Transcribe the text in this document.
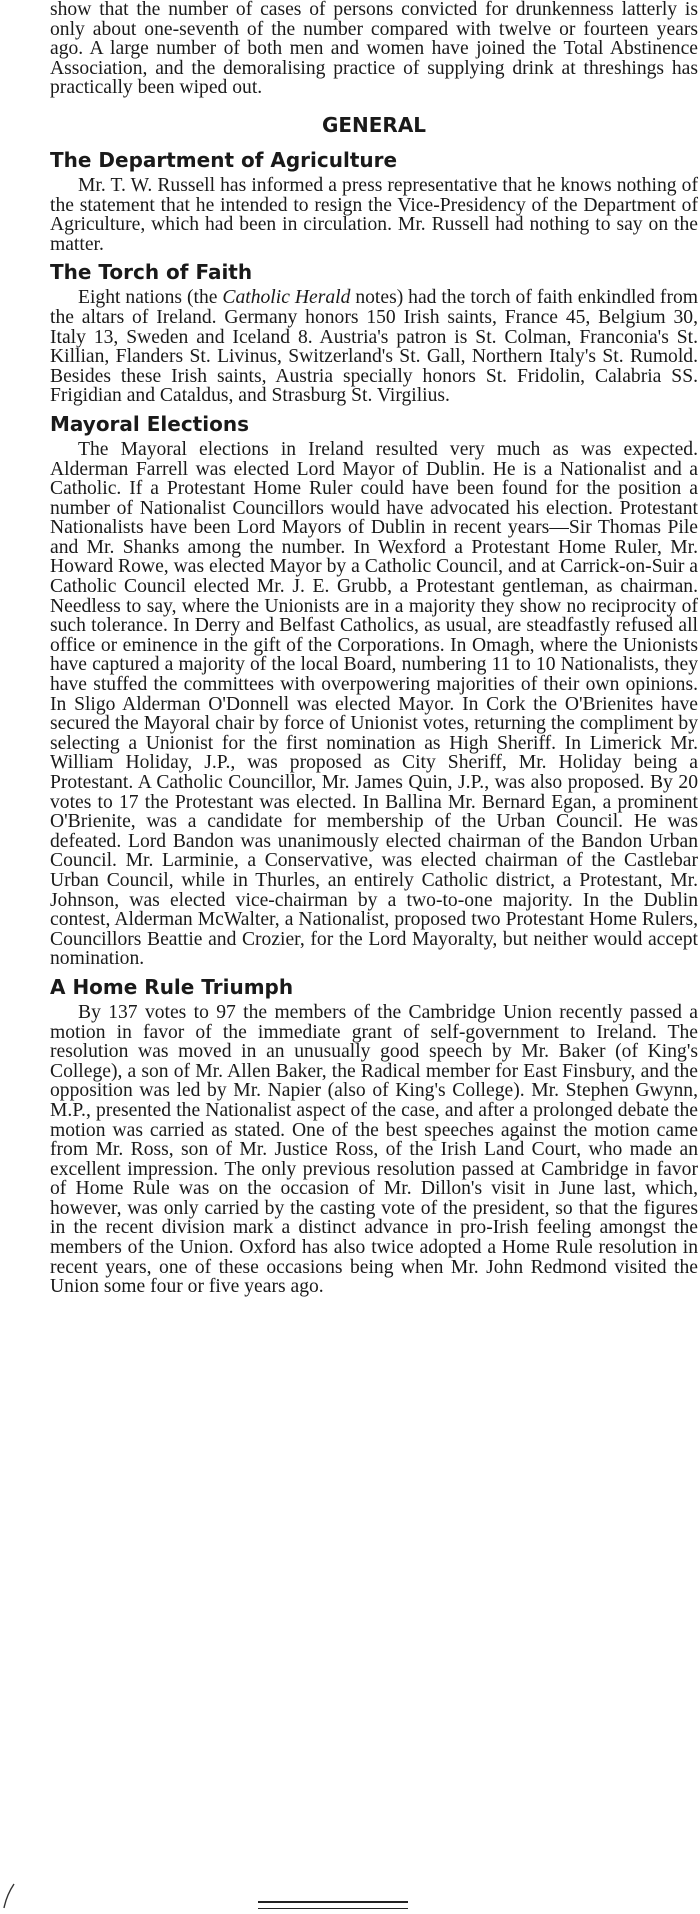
show that the number of cases of persons convicted for drunkenness latterly is only about one-seventh of the number compared with twelve or fourteen years ago. A large number of both men and women have joined the Total Abstinence Association, and the demoralising practice of supplying drink at threshings has practically been wiped out.

GENERAL
The Department of Agriculture

Mr. T. W. Russell has informed a press representative that he knows nothing of the statement that he intended to resign the Vice-Presidency of the Department of Agriculture, which had been in circulation. Mr. Russell had nothing to say on the matter.

The Torch of Faith

Eight nations (the Catholic Herald notes) had the torch of faith enkindled from the altars of Ireland. Germany honors 150 Irish saints, France 45, Belgium 30, Italy 13, Sweden and Iceland 8. Austria's patron is St. Colman, Franconia's St. Killian, Flanders St. Livinus, Switzerland's St. Gall, Northern Italy's St. Rumold. Besides these Irish saints, Austria specially honors St. Fridolin, Calabria SS. Frigidian and Cataldus, and Strasburg St. Virgilius.

Mayoral Elections

The Mayoral elections in Ireland resulted very much as was expected. Alderman Farrell was elected Lord Mayor of Dublin. He is a Nationalist and a Catholic. If a Protestant Home Ruler could have been found for the position a number of Nationalist Councillors would have advocated his election. Protestant Nationalists have been Lord Mayors of Dublin in recent years—Sir Thomas Pile and Mr. Shanks among the number. In Wexford a Protestant Home Ruler, Mr. Howard Rowe, was elected Mayor by a Catholic Council, and at Carrick-on-Suir a Catholic Council elected Mr. J. E. Grubb, a Protestant gentleman, as chairman. Needless to say, where the Unionists are in a majority they show no reciprocity of such tolerance. In Derry and Belfast Catholics, as usual, are steadfastly refused all office or eminence in the gift of the Corporations. In Omagh, where the Unionists have captured a majority of the local Board, numbering 11 to 10 Nationalists, they have stuffed the committees with overpowering majorities of their own opinions. In Sligo Alderman O'Donnell was elected Mayor. In Cork the O'Brienites have secured the Mayoral chair by force of Unionist votes, returning the compliment by selecting a Unionist for the first nomination as High Sheriff. In Limerick Mr. William Holiday, J.P., was proposed as City Sheriff, Mr. Holiday being a Protestant. A Catholic Councillor, Mr. James Quin, J.P., was also proposed. By 20 votes to 17 the Protestant was elected. In Ballina Mr. Bernard Egan, a prominent O'Brienite, was a candidate for membership of the Urban Council. He was defeated. Lord Bandon was unanimously elected chairman of the Bandon Urban Council. Mr. Larminie, a Conservative, was elected chairman of the Castlebar Urban Council, while in Thurles, an entirely Catholic district, a Protestant, Mr. Johnson, was elected vice-chairman by a two-to-one majority. In the Dublin contest, Alderman McWalter, a Nationalist, proposed two Protestant Home Rulers, Councillors Beattie and Crozier, for the Lord Mayoralty, but neither would accept nomination.

A Home Rule Triumph

By 137 votes to 97 the members of the Cambridge Union recently passed a motion in favor of the immediate grant of self-government to Ireland. The resolution was moved in an unusually good speech by Mr. Baker (of King's College), a son of Mr. Allen Baker, the Radical member for East Finsbury, and the opposition was led by Mr. Napier (also of King's College). Mr. Stephen Gwynn, M.P., presented the Nationalist aspect of the case, and after a prolonged debate the motion was carried as stated. One of the best speeches against the motion came from Mr. Ross, son of Mr. Justice Ross, of the Irish Land Court, who made an excellent impression. The only previous resolution passed at Cambridge in favor of Home Rule was on the occasion of Mr. Dillon's visit in June last, which, however, was only carried by the casting vote of the president, so that the figures in the recent division mark a distinct advance in pro-Irish feeling amongst the members of the Union. Oxford has also twice adopted a Home Rule resolution in recent years, one of these occasions being when Mr. John Redmond visited the Union some four or five years ago.
